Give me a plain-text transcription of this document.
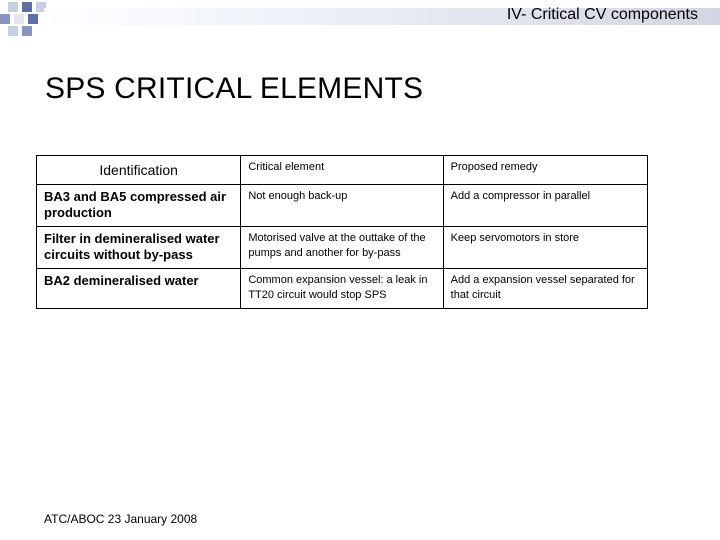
IV- Critical CV components
SPS CRITICAL ELEMENTS
Identification	Critical element	Proposed remedy
BA3 and BA5 compressed air production	Not enough back-up	Add a compressor in parallel
Filter in demineralised water circuits without by-pass	Motorised valve at the outtake of the pumps and another for by-pass	Keep servomotors in store
BA2 demineralised water	Common expansion vessel: a leak in TT20 circuit would stop SPS	Add a expansion vessel separated for that circuit
ATC/ABOC 23 January 2008
